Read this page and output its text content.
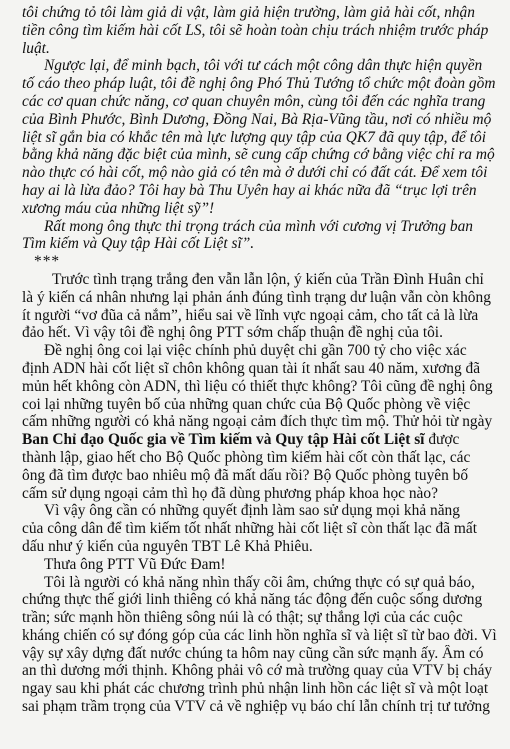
tôi chứng tỏ tôi làm giả di vật, làm giả hiện trường, làm giả hài cốt, nhận
tiền công tìm kiếm hài cốt LS, tôi sẽ hoàn toàn chịu trách nhiệm trước pháp
luật.
Ngược lại, để minh bạch, tôi với tư cách một công dân thực hiện quyền
tố cáo theo pháp luật, tôi đề nghị ông Phó Thủ Tướng tổ chức một đoàn gồm
các cơ quan chức năng, cơ quan chuyên môn, cùng tôi đến các nghĩa trang
của Bình Phước, Bình Dương, Đồng Nai, Bà Rịa-Vũng tầu, nơi có nhiều mộ
liệt sĩ gắn bia có khắc tên mà lực lượng quy tập của QK7 đã quy tập, để tôi
bằng khả năng đặc biệt của mình, sẽ cung cấp chứng cớ bằng việc chỉ ra mộ
nào thực có hài cốt, mộ nào giả có tên mà ở dưới chỉ có đất cát. Để xem tôi
hay ai là lừa đảo? Tôi hay bà Thu Uyên hay ai khác nữa đã “trục lợi trên
xương máu của những liệt sỹ”!
Rất mong ông thực thi trọng trách của mình với cương vị Trưởng ban
Tìm kiếm và Quy tập Hài cốt Liệt sĩ”.
***
Trước tình trạng trắng đen vẫn lẫn lộn, ý kiến của Trần Đình Huân chỉ
là ý kiến cá nhân nhưng lại phản ánh đúng tình trạng dư luận vẫn còn không
ít người “vơ đũa cả nắm”, hiểu sai về lĩnh vực ngoại cảm, cho tất cả là lừa
đảo hết. Vì vậy tôi đề nghị ông PTT sớm chấp thuận đề nghị của tôi.
Đề nghị ông coi lại việc chính phủ duyệt chi gần 700 tỷ cho việc xác
định ADN hài cốt liệt sĩ chôn không quan tài ít nhất sau 40 năm, xương đã
mủn hết không còn ADN, thì liệu có thiết thực không? Tôi cũng đề nghị ông
coi lại những tuyên bố của những quan chức của Bộ Quốc phòng về việc
cấm những người có khả năng ngoại cảm đích thực tìm mộ. Thử hỏi từ ngày
Ban Chỉ đạo Quốc gia về Tìm kiếm và Quy tập Hài cốt Liệt sĩ được
thành lập, giao hết cho Bộ Quốc phòng tìm kiếm hài cốt còn thất lạc, các
ông đã tìm được bao nhiêu mộ đã mất dấu rồi? Bộ Quốc phòng tuyên bố
cấm sử dụng ngoại cảm thì họ đã dùng phương pháp khoa học nào?
Vì vậy ông cần có những quyết định làm sao sử dụng mọi khả năng
của công dân để tìm kiếm tốt nhất những hài cốt liệt sĩ còn thất lạc đã mất
dấu như ý kiến của nguyên TBT Lê Khả Phiêu.
Thưa ông PTT Vũ Đức Đam!
Tôi là người có khả năng nhìn thấy cõi âm, chứng thực có sự quả báo,
chứng thực thế giới linh thiêng có khả năng tác động đến cuộc sống dương
trần; sức mạnh hồn thiêng sông núi là có thật; sự thắng lợi của các cuộc
kháng chiến có sự đóng góp của các linh hồn nghĩa sĩ và liệt sĩ từ bao đời. Vì
vậy sự xây dựng đất nước chúng ta hôm nay cũng cần sức mạnh ấy. Âm có
an thì dương mới thịnh. Không phải vô cớ mà trường quay của VTV bị cháy
ngay sau khi phát các chương trình phủ nhận linh hồn các liệt sĩ và một loạt
sai phạm trầm trọng của VTV cả về nghiệp vụ báo chí lẫn chính trị tư tưởng
